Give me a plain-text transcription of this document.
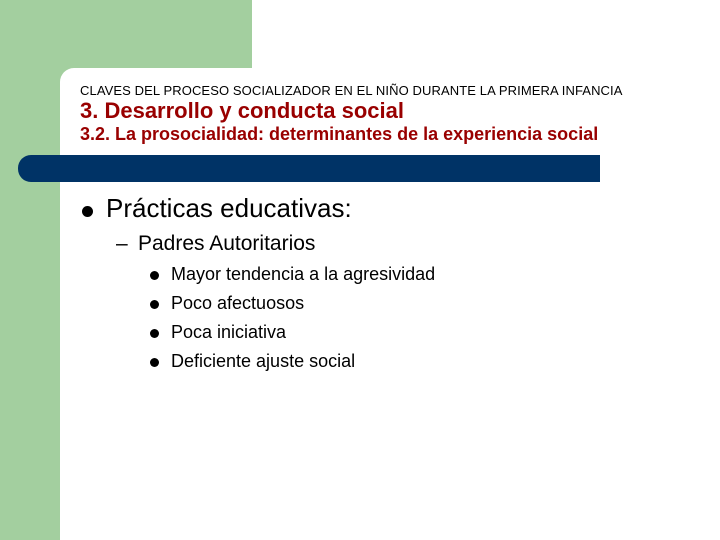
CLAVES DEL PROCESO SOCIALIZADOR EN EL NIÑO DURANTE LA PRIMERA INFANCIA
3. Desarrollo y conducta social
3.2. La prosocialidad: determinantes de la experiencia social
Prácticas educativas:
– Padres Autoritarios
Mayor tendencia a la agresividad
Poco afectuosos
Poca iniciativa
Deficiente ajuste social
